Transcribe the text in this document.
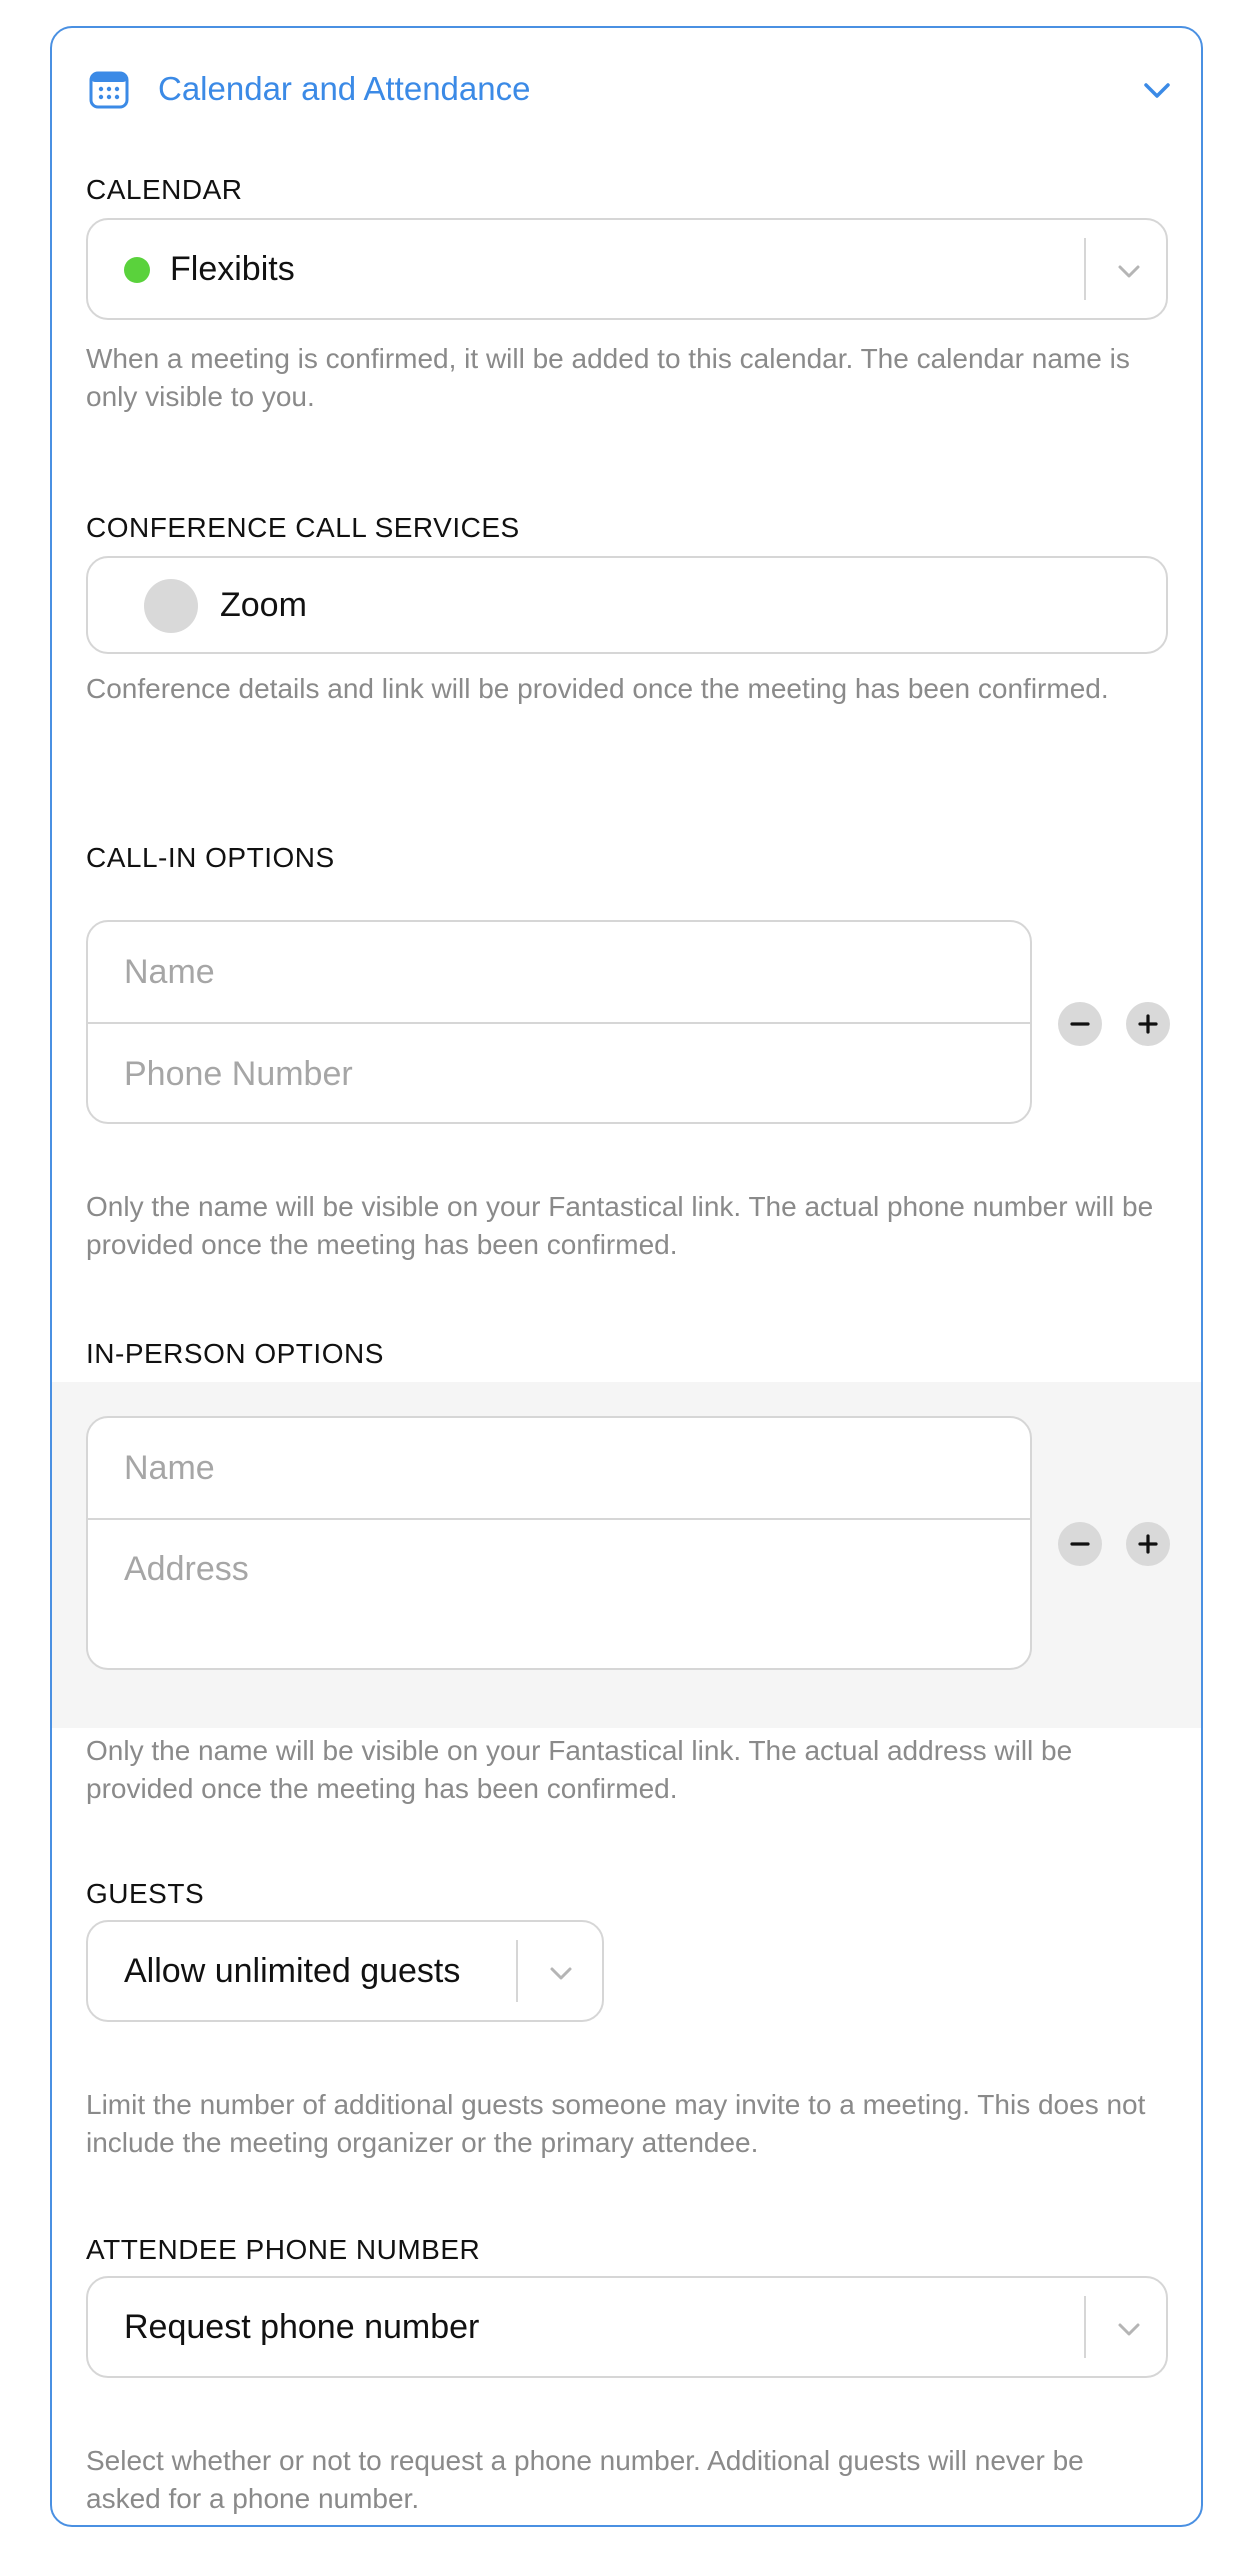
Calendar and Attendance
CALENDAR
Flexibits
When a meeting is confirmed, it will be added to this calendar. The calendar name is only visible to you.
CONFERENCE CALL SERVICES
Zoom
Conference details and link will be provided once the meeting has been confirmed.
CALL-IN OPTIONS
Name
Phone Number
Only the name will be visible on your Fantastical link. The actual phone number will be provided once the meeting has been confirmed.
IN-PERSON OPTIONS
Name
Address
Only the name will be visible on your Fantastical link. The actual address will be provided once the meeting has been confirmed.
GUESTS
Allow unlimited guests
Limit the number of additional guests someone may invite to a meeting. This does not include the meeting organizer or the primary attendee.
ATTENDEE PHONE NUMBER
Request phone number
Select whether or not to request a phone number. Additional guests will never be asked for a phone number.
